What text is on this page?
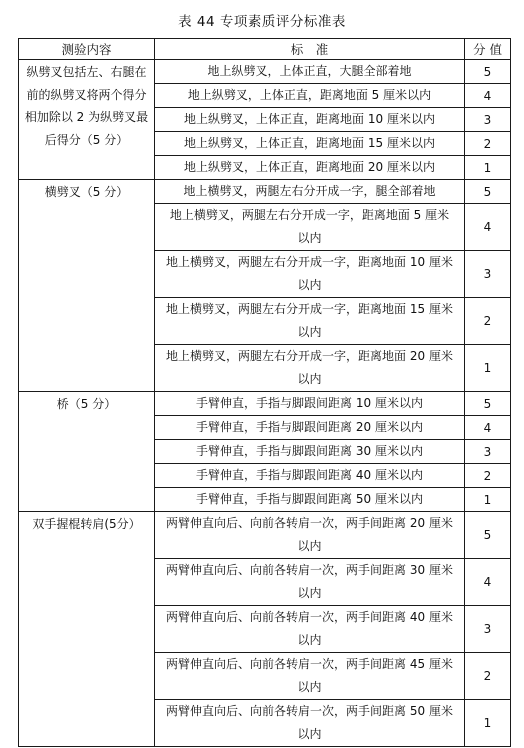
表 44 专项素质评分标准表
测验内容	标　准	分 值
纵劈叉包括左、右腿在前的纵劈叉将两个得分相加除以 2 为纵劈叉最后得分（5 分）	地上纵劈叉，上体正直，大腿全部着地	5
	地上纵劈叉，上体正直，距离地面 5 厘米以内	4
	地上纵劈叉，上体正直，距离地面 10 厘米以内	3
	地上纵劈叉，上体正直，距离地面 15 厘米以内	2
	地上纵劈叉，上体正直，距离地面 20 厘米以内	1
横劈叉（5 分）	地上横劈叉，两腿左右分开成一字，腿全部着地	5
	地上横劈叉，两腿左右分开成一字，距离地面 5 厘米以内	4
	地上横劈叉，两腿左右分开成一字，距离地面 10 厘米以内	3
	地上横劈叉，两腿左右分开成一字，距离地面 15 厘米以内	2
	地上横劈叉，两腿左右分开成一字，距离地面 20 厘米以内	1
桥（5 分）	手臂伸直，手指与脚跟间距离 10 厘米以内	5
	手臂伸直，手指与脚跟间距离 20 厘米以内	4
	手臂伸直，手指与脚跟间距离 30 厘米以内	3
	手臂伸直，手指与脚跟间距离 40 厘米以内	2
	手臂伸直，手指与脚跟间距离 50 厘米以内	1
双手握棍转肩(5分）	两臂伸直向后、向前各转肩一次，两手间距离 20 厘米以内	5
	两臂伸直向后、向前各转肩一次，两手间距离 30 厘米以内	4
	两臂伸直向后、向前各转肩一次，两手间距离 40 厘米以内	3
	两臂伸直向后、向前各转肩一次，两手间距离 45 厘米以内	2
	两臂伸直向后、向前各转肩一次，两手间距离 50 厘米以内	1
